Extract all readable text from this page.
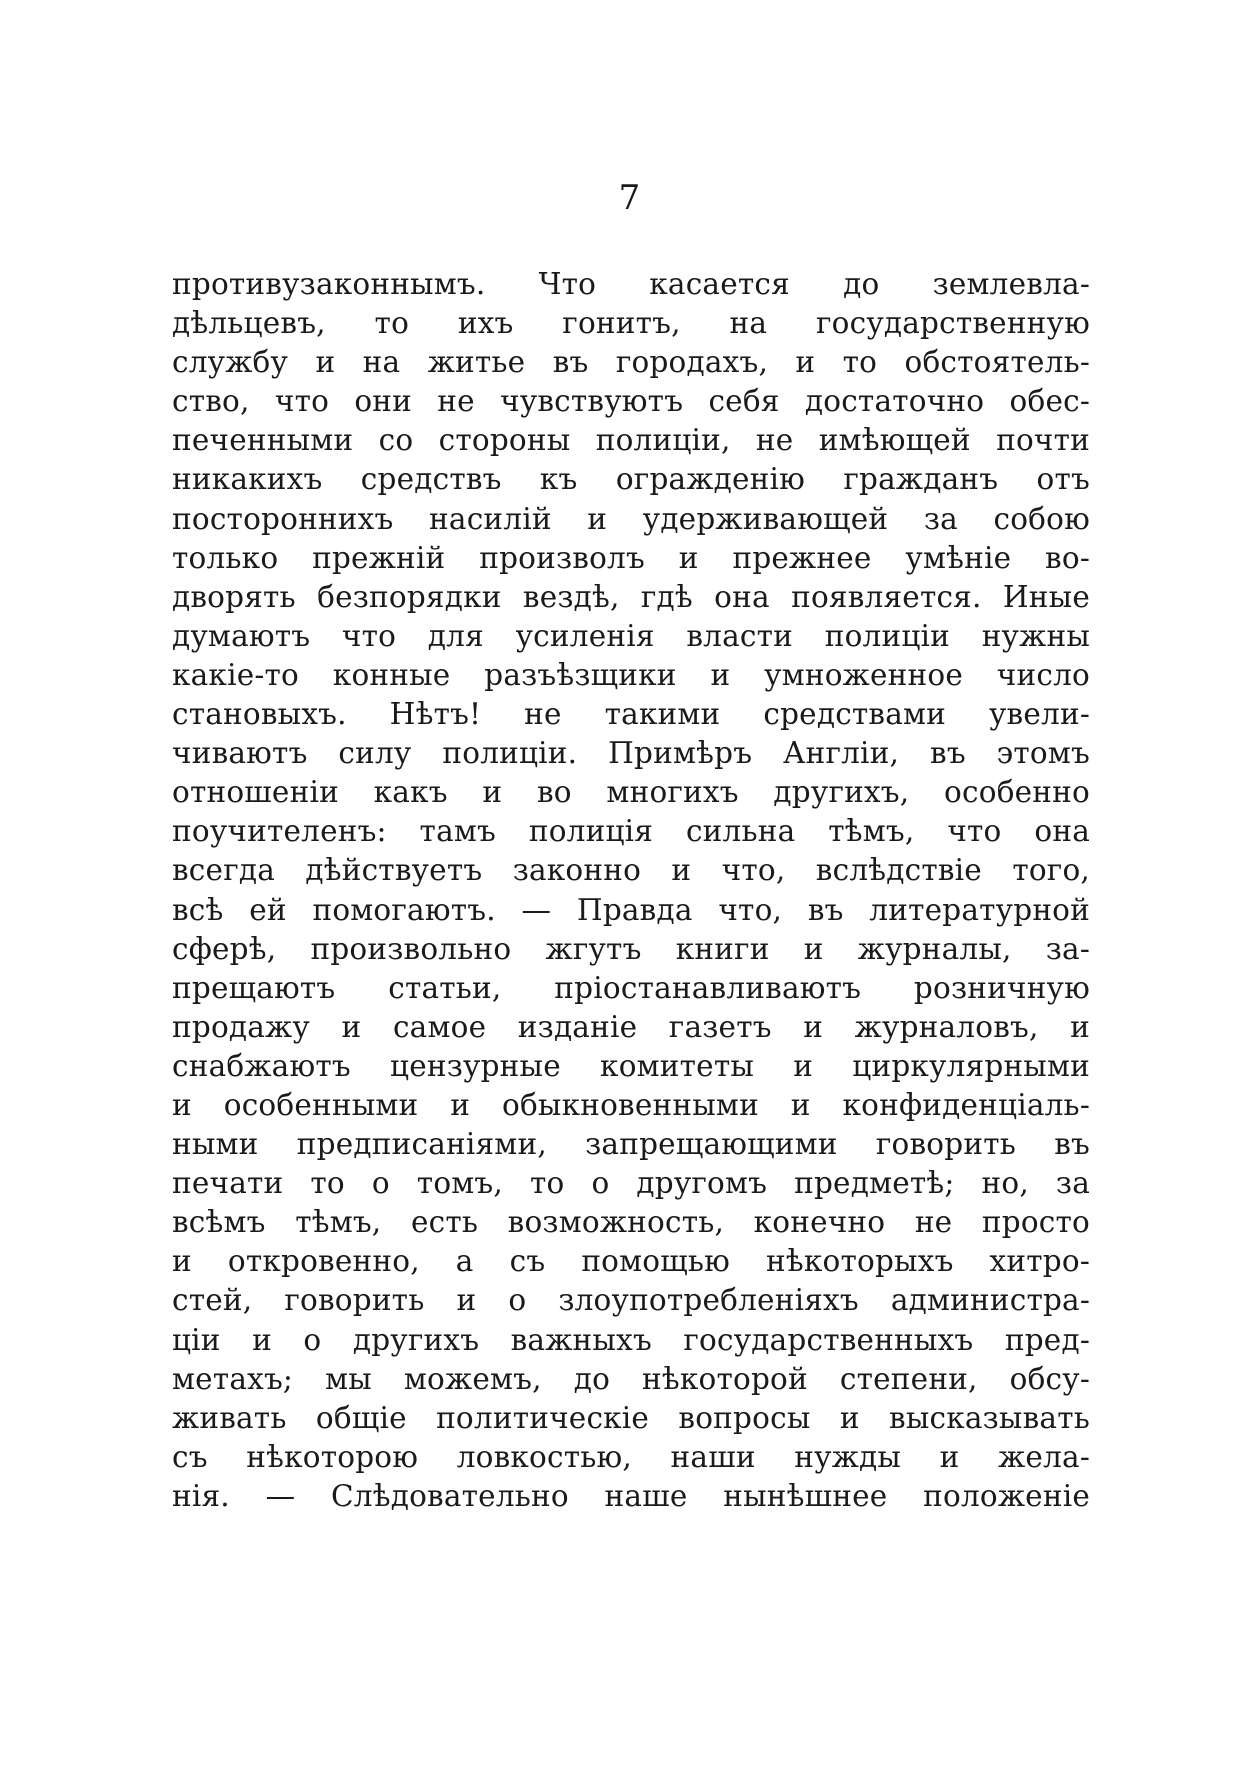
7
противузаконнымъ. Что касается до землевла-
дѣльцевъ, то ихъ гонитъ, на государственную
службу и на житье въ городахъ, и то обстоятель-
ство, что они не чувствуютъ себя достаточно обес-
печенными со стороны полиціи, не имѣющей почти
никакихъ средствъ къ огражденію гражданъ отъ
постороннихъ насилій и удерживающей за собою
только прежній произволъ и прежнее умѣніе во-
дворять безпорядки вездѣ, гдѣ она появляется. Иные
думаютъ что для усиленія власти полиціи нужны
какіе-то конные разъѣзщики и умноженное число
становыхъ. Нѣтъ! не такими средствами увели-
чиваютъ силу полиціи. Примѣръ Англіи, въ этомъ
отношеніи какъ и во многихъ другихъ, особенно
поучителенъ: тамъ полиція сильна тѣмъ, что она
всегда дѣйствуетъ законно и что, вслѣдствіе того,
всѣ ей помогаютъ. — Правда что, въ литературной
сферѣ, произвольно жгутъ книги и журналы, за-
прещаютъ статьи, пріостанавливаютъ розничную
продажу и самое изданіе газетъ и журналовъ, и
снабжаютъ цензурные комитеты и циркулярными
и особенными и обыкновенными и конфиденціаль-
ными предписаніями, запрещающими говорить въ
печати то о томъ, то о другомъ предметѣ; но, за
всѣмъ тѣмъ, есть возможность, конечно не просто
и откровенно, а съ помощью нѣкоторыхъ хитро-
стей, говорить и о злоупотребленіяхъ администра-
ціи и о другихъ важныхъ государственныхъ пред-
метахъ; мы можемъ, до нѣкоторой степени, обсу-
живать общіе политическіе вопросы и высказывать
съ нѣкоторою ловкостью, наши нужды и жела-
нія. — Слѣдовательно наше нынѣшнее положеніе
